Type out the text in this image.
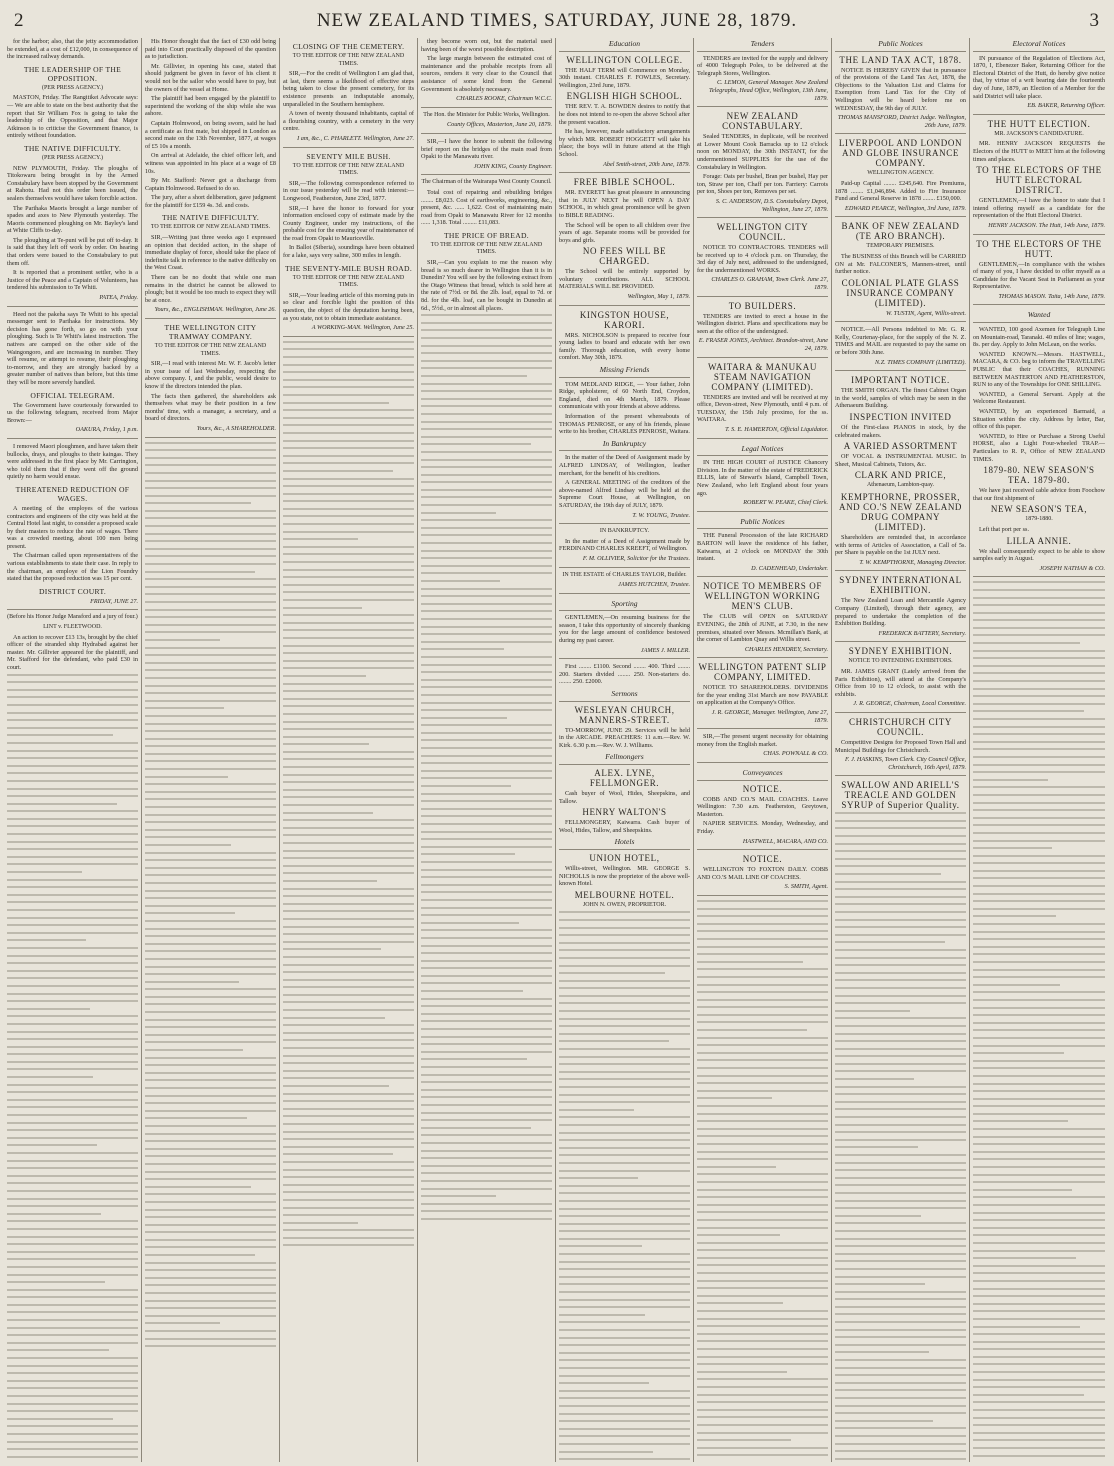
2	NEW ZEALAND TIMES, SATURDAY, JUNE 28, 1879.	3

for the harbor; also, that the jetty accommodation be extended, at a cost of £12,000, in consequence of the increased railway demands.

THE LEADERSHIP OF THE OPPOSITION.
(PER PRESS AGENCY.)

MASTON, Friday. The Rangitikei Advocate says:— We are able to state on the best authority that the report that Sir William Fox is going to take the leadership of the Opposition, and that Major Atkinson is to criticise the Government finance, is entirely without foundation.

THE NATIVE DIFFICULTY.
(PER PRESS AGENCY.)

NEW PLYMOUTH, Friday. The ploughs of Titokowaru being brought in by the Armed Constabulary have been stopped by the Government at Rahotu. Had not this order been issued, the sealers themselves would have taken forcible action.

The Parihaka Maoris brought a large number of spades and axes to New Plymouth yesterday. The Maoris commenced ploughing on Mr. Bayley's land at White Cliffs to-day.

The ploughing at Te-puni will be put off to-day. It is said that they left off work by order. On hearing that orders were issued to the Constabulary to put them off.

It is reported that a prominent settler, who is a Justice of the Peace and a Captain of Volunteers, has tendered his submission to Te Whiti.

PATEA, Friday.

Heed not the pakeha says Te Whiti to his special messenger sent to Parihaka for instructions. My decision has gone forth, so go on with your ploughing. Such is Te Whiti's latest instruction. The natives are camped on the other side of the Waingongoro, and are increasing in number. They will resume, or attempt to resume, their ploughing to-morrow, and they are strongly backed by a greater number of natives than before, but this time they will be more severely handled.

OFFICIAL TELEGRAM.

The Government have courteously forwarded to us the following telegram, received from Major Brown:—

OAKURA, Friday, 1 p.m.

I removed Maori ploughmen, and have taken their bullocks, drays, and ploughs to their kaingas. They were addressed in the first place by Mr. Carrington, who told them that if they went off the ground quietly no harm would ensue.

THREATENED REDUCTION OF WAGES.

A meeting of the employes of the various contractors and engineers of the city was held at the Central Hotel last night, to consider a proposed scale by their masters to reduce the rate of wages. There was a crowded meeting, about 100 men being present.

The Chairman called upon representatives of the various establishments to state their case. In reply to the chairman, an employe of the Lion Foundry stated that the proposed reduction was 15 per cent.

DISTRICT COURT.
FRIDAY, JUNE 27.
(Before his Honor Judge Mansford and a jury of four.)
LINT v. FLEETWOOD.

An action to recover £13 13s, brought by the chief officer of the stranded ship Hydrabad against her master. Mr. Gillivier appeared for the plaintiff, and Mr. Stafford for the defendant, who paid £30 in court.

His Honor thought that the fact of £30 odd being paid into Court practically disposed of the question as to jurisdiction.

Mr. Gillivier, in opening his case, stated that should judgment be given in favor of his client it would not be the sailor who would have to pay, but the owners of the vessel at Home.

The plaintiff had been engaged by the plaintiff to superintend the working of the ship while she was ashore.

Captain Holmwood, on being sworn, said he had a certificate as first mate, but shipped in London as second mate on the 13th November, 1877, at wages of £5 10s a month.

On arrival at Adelaide, the chief officer left, and witness was appointed in his place at a wage of £8 10s.

By Mr. Stafford: Never got a discharge from Captain Holmwood. Refused to do so.

The jury, after a short deliberation, gave judgment for the plaintiff for £159 4s. 3d. and costs.

THE NATIVE DIFFICULTY.
TO THE EDITOR OF NEW ZEALAND TIMES.

SIR,—Writing just three weeks ago I expressed an opinion that decided action, in the shape of immediate display of force, should take the place of indefinite talk in reference to the native difficulty on the West Coast.

There can be no doubt that while one man remains in the district he cannot be allowed to plough; but it would be too much to expect they will be at once.

Yours, &c., ENGLISHMAN. Wellington, June 26.
THE WELLINGTON CITY TRAMWAY COMPANY.
TO THE EDITOR OF THE NEW ZEALAND TIMES.

SIR,—I read with interest Mr. W. F. Jacob's letter in your issue of last Wednesday, respecting the above company. I, and the public, would desire to know if the directors intended the plan.

The facts then gathered, the shareholders ask themselves what may be their position in a few months' time, with a manager, a secretary, and a board of directors.

Yours, &c., A SHAREHOLDER.
CLOSING OF THE CEMETERY.
TO THE EDITOR OF THE NEW ZEALAND TIMES.

SIR,—For the credit of Wellington I am glad that, at last, there seems a likelihood of effective steps being taken to close the present cemetery, for its existence presents an indisputable anomaly, unparalleled in the Southern hemisphere.

A town of twenty thousand inhabitants, capital of a flourishing country, with a cemetery in the very centre.

I am, &c., C. PHARLETT. Wellington, June 27.
SEVENTY MILE BUSH.
TO THE EDITOR OF THE NEW ZEALAND TIMES.

SIR,—The following correspondence referred to in our issue yesterday will be read with interest:— Longwood, Featherston, June 23rd, 1877.

SIR,—I have the honor to forward for your information enclosed copy of estimate made by the County Engineer, under my instructions, of the probable cost for the ensuing year of maintenance of the road from Opaki to Mauriceville.

In Ballot (Siberia), soundings have been obtained for a lake, says very saline, 300 miles in length.

THE SEVENTY-MILE BUSH ROAD.
TO THE EDITOR OF THE NEW ZEALAND TIMES.

SIR,—Your leading article of this morning puts in so clear and forcible light the position of this question, the object of the deputation having been, as you state, not to obtain immediate assistance.

A WORKING-MAN. Wellington, June 25.

they become worn out, but the material used having been of the worst possible description.

The large margin between the estimated cost of maintenance and the probable receipts from all sources, renders it very clear to the Council that assistance of some kind from the General Government is absolutely necessary.

CHARLES ROOKE, Chairman W.C.C.
The Hon. the Minister for Public Works, Wellington.
County Offices, Masterton, June 20, 1879.

SIR,—I have the honor to submit the following brief report on the bridges of the main road from Opaki to the Manawatu river.

JOHN KING, County Engineer.
The Chairman of the Wairarapa West County Council.

Total cost of repairing and rebuilding bridges ........ £8,023. Cost of earthworks, engineering, &c., present, &c. ...... 1,622. Cost of maintaining main road from Opaki to Manawatu River for 12 months ...... 1,318. Total ......... £11,083.

THE PRICE OF BREAD.
TO THE EDITOR OF THE NEW ZEALAND TIMES.

SIR,—Can you explain to me the reason why bread is so much dearer in Wellington than it is in Dunedin? You will see by the following extract from the Otago Witness that bread, which is sold here at the rate of 7½d. or 8d. the 2lb. loaf, equal to 7d. or 8d. for the 4lb. loaf, can be bought in Dunedin at 6d., 5½d., or in almost all places.

Education
WELLINGTON COLLEGE.

THE HALF TERM will Commence on Monday, 30th instant. CHARLES F. FOWLES, Secretary. Wellington, 23rd June, 1879.

ENGLISH HIGH SCHOOL.

THE REV. T. A. BOWDEN desires to notify that he does not intend to re-open the above School after the present vacation.

He has, however, made satisfactory arrangements by which MR. ROBERT HOGGETT will take his place; the boys will in future attend at the High School.

Abel Smith-street, 20th June, 1879.
FREE BIBLE SCHOOL.

MR. EVERETT has great pleasure in announcing that in JULY NEXT he will OPEN A DAY SCHOOL, in which great prominence will be given to BIBLE READING.

The School will be open to all children over five years of age. Separate rooms will be provided for boys and girls.

NO FEES WILL BE CHARGED.

The School will be entirely supported by voluntary contributions. ALL SCHOOL MATERIALS WILL BE PROVIDED.

Wellington, May 1, 1879.
KINGSTON HOUSE, KARORI.

MRS. NICHOLSON is prepared to receive four young ladies to board and educate with her own family. Thorough education, with every home comfort. May 30th, 1879.

Missing Friends

TOM MEDLAND RIDGE, — Your father, John Ridge, upholsterer, of 60 North End, Croydon, England, died on 4th March, 1879. Please communicate with your friends at above address.

Information of the present whereabouts of THOMAS PENROSE, or any of his friends, please write to his brother, CHARLES PENROSE, Waitara.

In Bankruptcy

In the matter of the Deed of Assignment made by ALFRED LINDSAY, of Wellington, leather merchant, for the benefit of his creditors.

A GENERAL MEETING of the creditors of the above-named Alfred Lindsay will be held at the Supreme Court House, at Wellington, on SATURDAY, the 19th day of JULY, 1879.

T. W. YOUNG, Trustee.
IN BANKRUPTCY.

In the matter of a Deed of Assignment made by FERDINAND CHARLES KREEFT, of Wellington.

F. M. OLLIVIER, Solicitor for the Trustees.
IN THE ESTATE of CHARLES TAYLOR, Builder.
JAMES HUTCHEN, Trustee.
Sporting

GENTLEMEN,—On resuming business for the season, I take this opportunity of sincerely thanking you for the large amount of confidence bestowed during my past career.

JAMES J. MILLER.

First ........ £1100. Second ........ 400. Third ........ 200. Starters divided ........ 250. Non-starters do. ........ 250. £2000.

Sermons
WESLEYAN CHURCH, MANNERS-STREET.

TO-MORROW, JUNE 29. Services will be held in the ARCADE. PREACHERS: 11 a.m.—Rev. W. Kirk. 6.30 p.m.—Rev. W. J. Williams.

Fellmongers
ALEX. LYNE, FELLMONGER.

Cash buyer of Wool, Hides, Sheepskins, and Tallow.

HENRY WALTON'S

FELLMONGERY, Kaiwarra. Cash buyer of Wool, Hides, Tallow, and Sheepskins.

Hotels
UNION HOTEL,

Willis-street, Wellington. MR. GEORGE S. NICHOLLS is now the proprietor of the above well-known Hotel.

MELBOURNE HOTEL.
JOHN N. OWEN, PROPRIETOR.
Tenders

TENDERS are invited for the supply and delivery of 4000 Telegraph Poles, to be delivered at the Telegraph Stores, Wellington.

C. LEMON, General Manager. New Zealand Telegraphs, Head Office, Wellington, 13th June, 1879.
NEW ZEALAND CONSTABULARY.

Sealed TENDERS, in duplicate, will be received at Lower Mount Cook Barracks up to 12 o'clock noon on MONDAY, the 30th INSTANT, for the undermentioned SUPPLIES for the use of the Constabulary in Wellington.

Forage: Oats per bushel, Bran per bushel, Hay per ton, Straw per ton, Chaff per ton. Farriery: Carrots per ton, Shoes per ton, Removes per set.

S. C. ANDERSON, D.S. Constabulary Depot, Wellington, June 27, 1879.
WELLINGTON CITY COUNCIL.

NOTICE TO CONTRACTORS. TENDERS will be received up to 4 o'clock p.m. on Thursday, the 3rd day of July next, addressed to the undersigned, for the undermentioned WORKS.

CHARLES O. GRAHAM, Town Clerk. June 27, 1879.
TO BUILDERS.

TENDERS are invited to erect a house in the Wellington district. Plans and specifications may be seen at the office of the undersigned.

E. FRASER JONES, Architect. Brandon-street, June 24, 1879.
WAITARA & MANUKAU STEAM NAVIGATION COMPANY (LIMITED).

TENDERS are invited and will be received at my office, Devon-street, New Plymouth, until 4 p.m. of TUESDAY, the 15th July proximo, for the ss. WAITARA.

T. S. E. HAMERTON, Official Liquidator.
Legal Notices

IN THE HIGH COURT of JUSTICE Chancery Division. In the matter of the estate of FREDERICK ELLIS, late of Stewart's Island, Campbell Town, New Zealand, who left England about four years ago.

ROBERT W. PEAKE, Chief Clerk.
Public Notices

THE Funeral Procession of the late RICHARD BARTON will leave the residence of his father, Kaiwarra, at 2 o'clock on MONDAY the 30th instant.

D. CADENHEAD, Undertaker.
NOTICE TO MEMBERS OF WELLINGTON WORKING MEN'S CLUB.

The CLUB will OPEN on SATURDAY EVENING, the 28th of JUNE, at 7.30, in the new premises, situated over Messrs. Mcmillan's Bank, at the corner of Lambton Quay and Willis street.

CHARLES HENDREY, Secretary.
WELLINGTON PATENT SLIP COMPANY, LIMITED.

NOTICE TO SHAREHOLDERS. DIVIDENDS for the year ending 31st March are now PAYABLE on application at the Company's Office.

J. R. GEORGE, Manager. Wellington, June 27, 1879.

SIR,—The present urgent necessity for obtaining money from the English market.

CHAS. POWNALL & CO.
Conveyances
NOTICE.

COBB AND CO.'S MAIL COACHES. Leave Wellington: 7.30 a.m. Featherston, Greytown, Masterton.

NAPIER SERVICES. Monday, Wednesday, and Friday.

HASTWELL, MACARA, AND CO.
NOTICE.

WELLINGTON TO FOXTON DAILY. COBB AND CO.'S MAIL LINE OF COACHES.

S. SMITH, Agent.
Public Notices
THE LAND TAX ACT, 1878.

NOTICE IS HEREBY GIVEN that in pursuance of the provisions of the Land Tax Act, 1878, the Objections to the Valuation List and Claims for Exemption from Land Tax for the City of Wellington will be heard before me on WEDNESDAY, the 9th day of JULY.

THOMAS MANSFORD, District Judge. Wellington, 26th June, 1879.
LIVERPOOL AND LONDON AND GLOBE INSURANCE COMPANY.
WELLINGTON AGENCY.

Paid-up Capital ........ £245,640. Fire Premiums, 1878 ........ £1,046,894. Added to Fire Insurance Fund and General Reserve in 1878 ........ £150,000.

EDWARD PEARCE, Wellington, 3rd June, 1879.
BANK OF NEW ZEALAND (TE ARO BRANCH).
TEMPORARY PREMISES.

The BUSINESS of this Branch will be CARRIED ON at Mr. FALCONER'S, Manners-street, until further notice.

COLONIAL PLATE GLASS INSURANCE COMPANY (LIMITED).
W. TUSTIN, Agent, Willis-street.

NOTICE.—All Persons indebted to Mr. G. R. Kelly, Courtenay-place, for the supply of the N. Z. TIMES and MAIL are requested to pay the same on or before 30th June.

N.Z. TIMES COMPANY (LIMITED).
IMPORTANT NOTICE.

THE SMITH ORGAN. The finest Cabinet Organ in the world, samples of which may be seen in the Athenaeum Building.

INSPECTION INVITED

Of the First-class PIANOS in stock, by the celebrated makers.

A VARIED ASSORTMENT

OF VOCAL & INSTRUMENTAL MUSIC. In Sheet, Musical Cabinets, Tutors, &c.

CLARK AND PRICE,
Athenaeum, Lambton-quay.
KEMPTHORNE, PROSSER, AND CO.'S NEW ZEALAND DRUG COMPANY (LIMITED).

Shareholders are reminded that, in accordance with terms of Articles of Association, a Call of 5s. per Share is payable on the 1st JULY next.

T. W. KEMPTHORNE, Managing Director.
SYDNEY INTERNATIONAL EXHIBITION.

The New Zealand Loan and Mercantile Agency Company (Limited), through their agency, are prepared to undertake the completion of the Exhibition Building.

FREDERICK BATTERY, Secretary.
SYDNEY EXHIBITION.
NOTICE TO INTENDING EXHIBITORS.

MR. JAMES GRANT (Lately arrived from the Paris Exhibition), will attend at the Company's Office from 10 to 12 o'clock, to assist with the exhibits.

J. R. GEORGE, Chairman, Local Committee.
CHRISTCHURCH CITY COUNCIL.

Competitive Designs for Proposed Town Hall and Municipal Buildings for Christchurch.

F. J. HASKINS, Town Clerk. City Council Office, Christchurch, 16th April, 1879.
SWALLOW AND ARIELL'S TREACLE AND GOLDEN SYRUP of Superior Quality.
Electoral Notices

IN pursuance of the Regulation of Elections Act, 1870, I, Ebenezer Baker, Returning Officer for the Electoral District of the Hutt, do hereby give notice that, by virtue of a writ bearing date the fourteenth day of June, 1879, an Election of a Member for the said District will take place.

EB. BAKER, Returning Officer.
THE HUTT ELECTION.
MR. JACKSON'S CANDIDATURE.

MR. HENRY JACKSON REQUESTS the Electors of the HUTT to MEET him at the following times and places.

TO THE ELECTORS OF THE HUTT ELECTORAL DISTRICT.

GENTLEMEN,—I have the honor to state that I intend offering myself as a candidate for the representation of the Hutt Electoral District.

HENRY JACKSON. The Hutt, 14th June, 1879.
TO THE ELECTORS OF THE HUTT.

GENTLEMEN,—In compliance with the wishes of many of you, I have decided to offer myself as a Candidate for the Vacant Seat in Parliament as your Representative.

THOMAS MASON. Taita, 14th June, 1879.
Wanted

WANTED, 100 good Axemen for Telegraph Line on Mountain-road, Taranaki. 40 miles of line; wages, 8s. per day. Apply to John McLean, on the works.

WANTED KNOWN.—Messrs. HASTWELL, MACARA, & CO. beg to inform the TRAVELLING PUBLIC that their COACHES, RUNNING BETWEEN MASTERTON AND FEATHERSTON, RUN to any of the Townships for ONE SHILLING.

WANTED, a General Servant. Apply at the Welcome Restaurant.

WANTED, by an experienced Barmaid, a Situation within the city. Address by letter, Bar, office of this paper.

WANTED, to Hire or Purchase a Strong Useful HORSE, also a Light Four-wheeled TRAP.—Particulars to R. P., Office of NEW ZEALAND TIMES.

1879-80. NEW SEASON'S TEA. 1879-80.

We have just received cable advice from Foochow that our first shipment of

NEW SEASON'S TEA,
1879-1880.

Left that port per ss.

LILLA ANNIE.

We shall consequently expect to be able to show samples early in August.

JOSEPH NATHAN & CO.
